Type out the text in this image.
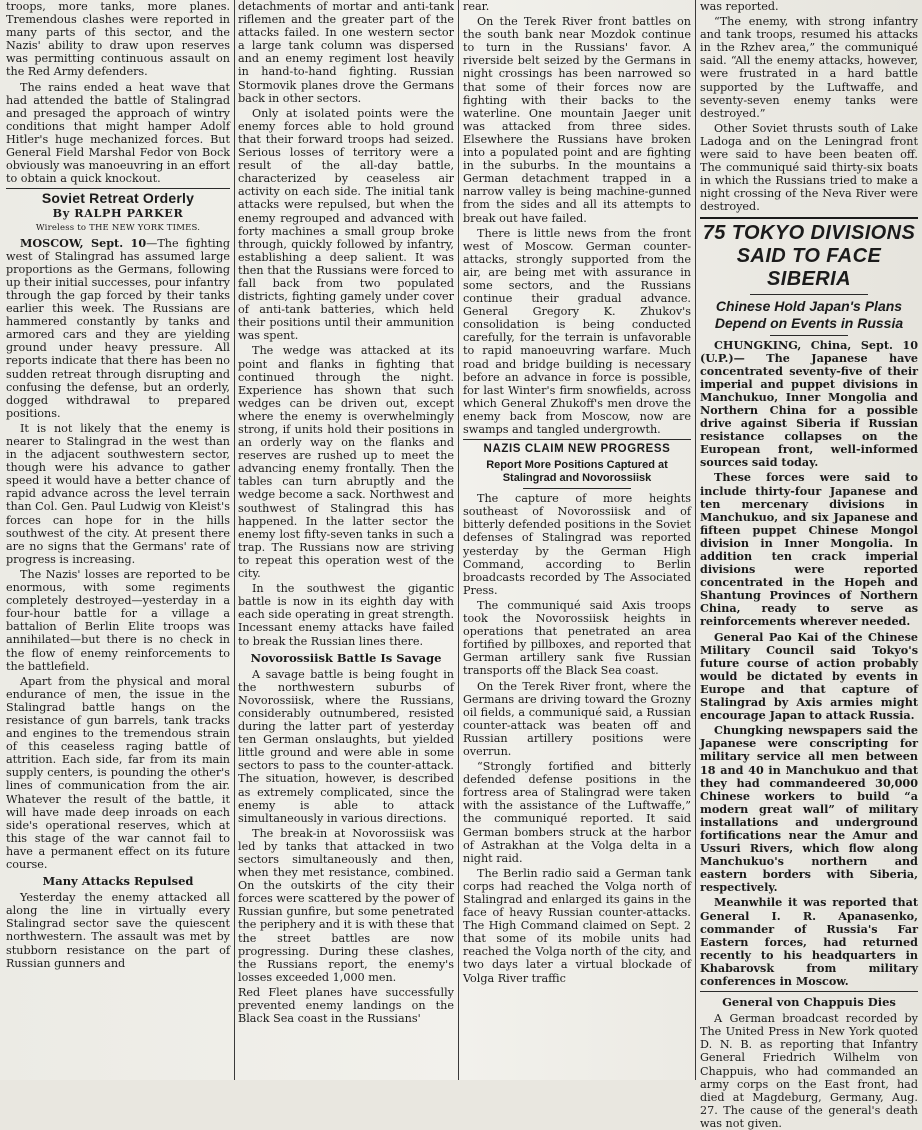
troops, more tanks, more planes. Tremendous clashes were reported in many parts of this sector, and the Nazis' ability to draw upon reserves was permitting continuous assault on the Red Army defenders.

The rains ended a heat wave that had attended the battle of Stalingrad and presaged the approach of wintry conditions that might hamper Adolf Hitler's huge mechanized forces. But General Field Marshal Fedor von Bock obviously was manoeuvring in an effort to obtain a quick knockout.

Soviet Retreat Orderly
By RALPH PARKER
Wireless to THE NEW YORK TIMES.

MOSCOW, Sept. 10—The fighting west of Stalingrad has assumed large proportions as the Germans, following up their initial successes, pour infantry through the gap forced by their tanks earlier this week. The Russians are hammered constantly by tanks and armored cars and they are yielding ground under heavy pressure. All reports indicate that there has been no sudden retreat through disrupting and confusing the defense, but an orderly, dogged withdrawal to prepared positions.

It is not likely that the enemy is nearer to Stalingrad in the west than in the adjacent southwestern sector, though were his advance to gather speed it would have a better chance of rapid advance across the level terrain than Col. Gen. Paul Ludwig von Kleist's forces can hope for in the hills southwest of the city. At present there are no signs that the Germans' rate of progress is increasing.

The Nazis' losses are reported to be enormous, with some regiments completely destroyed—yesterday in a four-hour battle for a village a battalion of Berlin Elite troops was annihilated—but there is no check in the flow of enemy reinforcements to the battlefield.

Apart from the physical and moral endurance of men, the issue in the Stalingrad battle hangs on the resistance of gun barrels, tank tracks and engines to the tremendous strain of this ceaseless raging battle of attrition. Each side, far from its main supply centers, is pounding the other's lines of communication from the air. Whatever the result of the battle, it will have made deep inroads on each side's operational reserves, which at this stage of the war cannot fail to have a permanent effect on its future course.

Many Attacks Repulsed

Yesterday the enemy attacked all along the line in virtually every Stalingrad sector save the quiescent northwestern. The assault was met by stubborn resistance on the part of Russian gunners and

detachments of mortar and anti-tank riflemen and the greater part of the attacks failed. In one western sector a large tank column was dispersed and an enemy regiment lost heavily in hand-to-hand fighting. Russian Stormovik planes drove the Germans back in other sectors.

Only at isolated points were the enemy forces able to hold ground that their forward troops had seized. Serious losses of territory were a result of the all-day battle, characterized by ceaseless air activity on each side. The initial tank attacks were repulsed, but when the enemy regrouped and advanced with forty machines a small group broke through, quickly followed by infantry, establishing a deep salient. It was then that the Russians were forced to fall back from two populated districts, fighting gamely under cover of anti-tank batteries, which held their positions until their ammunition was spent.

The wedge was attacked at its point and flanks in fighting that continued through the night. Experience has shown that such wedges can be driven out, except where the enemy is overwhelmingly strong, if units hold their positions in an orderly way on the flanks and reserves are rushed up to meet the advancing enemy frontally. Then the tables can turn abruptly and the wedge become a sack. Northwest and southwest of Stalingrad this has happened. In the latter sector the enemy lost fifty-seven tanks in such a trap. The Russians now are striving to repeat this operation west of the city.

In the southwest the gigantic battle is now in its eighth day with each side operating in great strength. Incessant enemy attacks have failed to break the Russian lines there.

Novorossiisk Battle Is Savage

A savage battle is being fought in the northwestern suburbs of Novorossiisk, where the Russians, considerably outnumbered, resisted during the latter part of yesterday ten German onslaughts, but yielded little ground and were able in some sectors to pass to the counter-attack. The situation, however, is described as extremely complicated, since the enemy is able to attack simultaneously in various directions.

The break-in at Novorossiisk was led by tanks that attacked in two sectors simultaneously and then, when they met resistance, combined. On the outskirts of the city their forces were scattered by the power of Russian gunfire, but some penetrated the periphery and it is with these that the street battles are now progressing. During these clashes, the Russians report, the enemy's losses exceeded 1,000 men.

Red Fleet planes have successfully prevented enemy landings on the Black Sea coast in the Russians'

rear.

On the Terek River front battles on the south bank near Mozdok continue to turn in the Russians' favor. A riverside belt seized by the Germans in night crossings has been narrowed so that some of their forces now are fighting with their backs to the waterline. One mountain Jaeger unit was attacked from three sides. Elsewhere the Russians have broken into a populated point and are fighting in the suburbs. In the mountains a German detachment trapped in a narrow valley is being machine-gunned from the sides and all its attempts to break out have failed.

There is little news from the front west of Moscow. German counter-attacks, strongly supported from the air, are being met with assurance in some sectors, and the Russians continue their gradual advance. General Gregory K. Zhukov's consolidation is being conducted carefully, for the terrain is unfavorable to rapid manoeuvring warfare. Much road and bridge building is necessary before an advance in force is possible, for last Winter's firm snowfields, across which General Zhukoff's men drove the enemy back from Moscow, now are swamps and tangled undergrowth.

NAZIS CLAIM NEW PROGRESS
Report More Positions Captured at Stalingrad and Novorossiisk

The capture of more heights southeast of Novorossiisk and of bitterly defended positions in the Soviet defenses of Stalingrad was reported yesterday by the German High Command, according to Berlin broadcasts recorded by The Associated Press.

The communiqué said Axis troops took the Novorossiisk heights in operations that penetrated an area fortified by pillboxes, and reported that German artillery sank five Russian transports off the Black Sea coast.

On the Terek River front, where the Germans are driving toward the Grozny oil fields, a communiqué said, a Russian counter-attack was beaten off and Russian artillery positions were overrun.

“Strongly fortified and bitterly defended defense positions in the fortress area of Stalingrad were taken with the assistance of the Luftwaffe,” the communiqué reported. It said German bombers struck at the harbor of Astrakhan at the Volga delta in a night raid.

The Berlin radio said a German tank corps had reached the Volga north of Stalingrad and enlarged its gains in the face of heavy Russian counter-attacks. The High Command claimed on Sept. 2 that some of its mobile units had reached the Volga north of the city, and two days later a virtual blockade of Volga River traffic

was reported.

“The enemy, with strong infantry and tank troops, resumed his attacks in the Rzhev area,” the communiqué said. “All the enemy attacks, however, were frustrated in a hard battle supported by the Luftwaffe, and seventy-seven enemy tanks were destroyed.”

Other Soviet thrusts south of Lake Ladoga and on the Leningrad front were said to have been beaten off. The communiqué said thirty-six boats in which the Russians tried to make a night crossing of the Neva River were destroyed.

75 TOKYO DIVISIONS SAID TO FACE SIBERIA
Chinese Hold Japan's Plans Depend on Events in Russia

CHUNGKING, China, Sept. 10 (U.P.)— The Japanese have concentrated seventy-five of their imperial and puppet divisions in Manchukuo, Inner Mongolia and Northern China for a possible drive against Siberia if Russian resistance collapses on the European front, well-informed sources said today.

These forces were said to include thirty-four Japanese and ten mercenary divisions in Manchukuo, and six Japanese and fifteen puppet Chinese Mongol division in Inner Mongolia. In addition ten crack imperial divisions were reported concentrated in the Hopeh and Shantung Provinces of Northern China, ready to serve as reinforcements wherever needed.

General Pao Kai of the Chinese Military Council said Tokyo's future course of action probably would be dictated by events in Europe and that capture of Stalingrad by Axis armies might encourage Japan to attack Russia.

Chungking newspapers said the Japanese were conscripting for military service all men between 18 and 40 in Manchukuo and that they had commandeered 30,000 Chinese workers to build “a modern great wall” of military installations and underground fortifications near the Amur and Ussuri Rivers, which flow along Manchukuo's northern and eastern borders with Siberia, respectively.

Meanwhile it was reported that General I. R. Apanasenko, commander of Russia's Far Eastern forces, had returned recently to his headquarters in Khabarovsk from military conferences in Moscow.

General von Chappuis Dies

A German broadcast recorded by The United Press in New York quoted D. N. B. as reporting that Infantry General Friedrich Wilhelm von Chappuis, who had commanded an army corps on the East front, had died at Magdeburg, Germany, Aug. 27. The cause of the general's death was not given.
